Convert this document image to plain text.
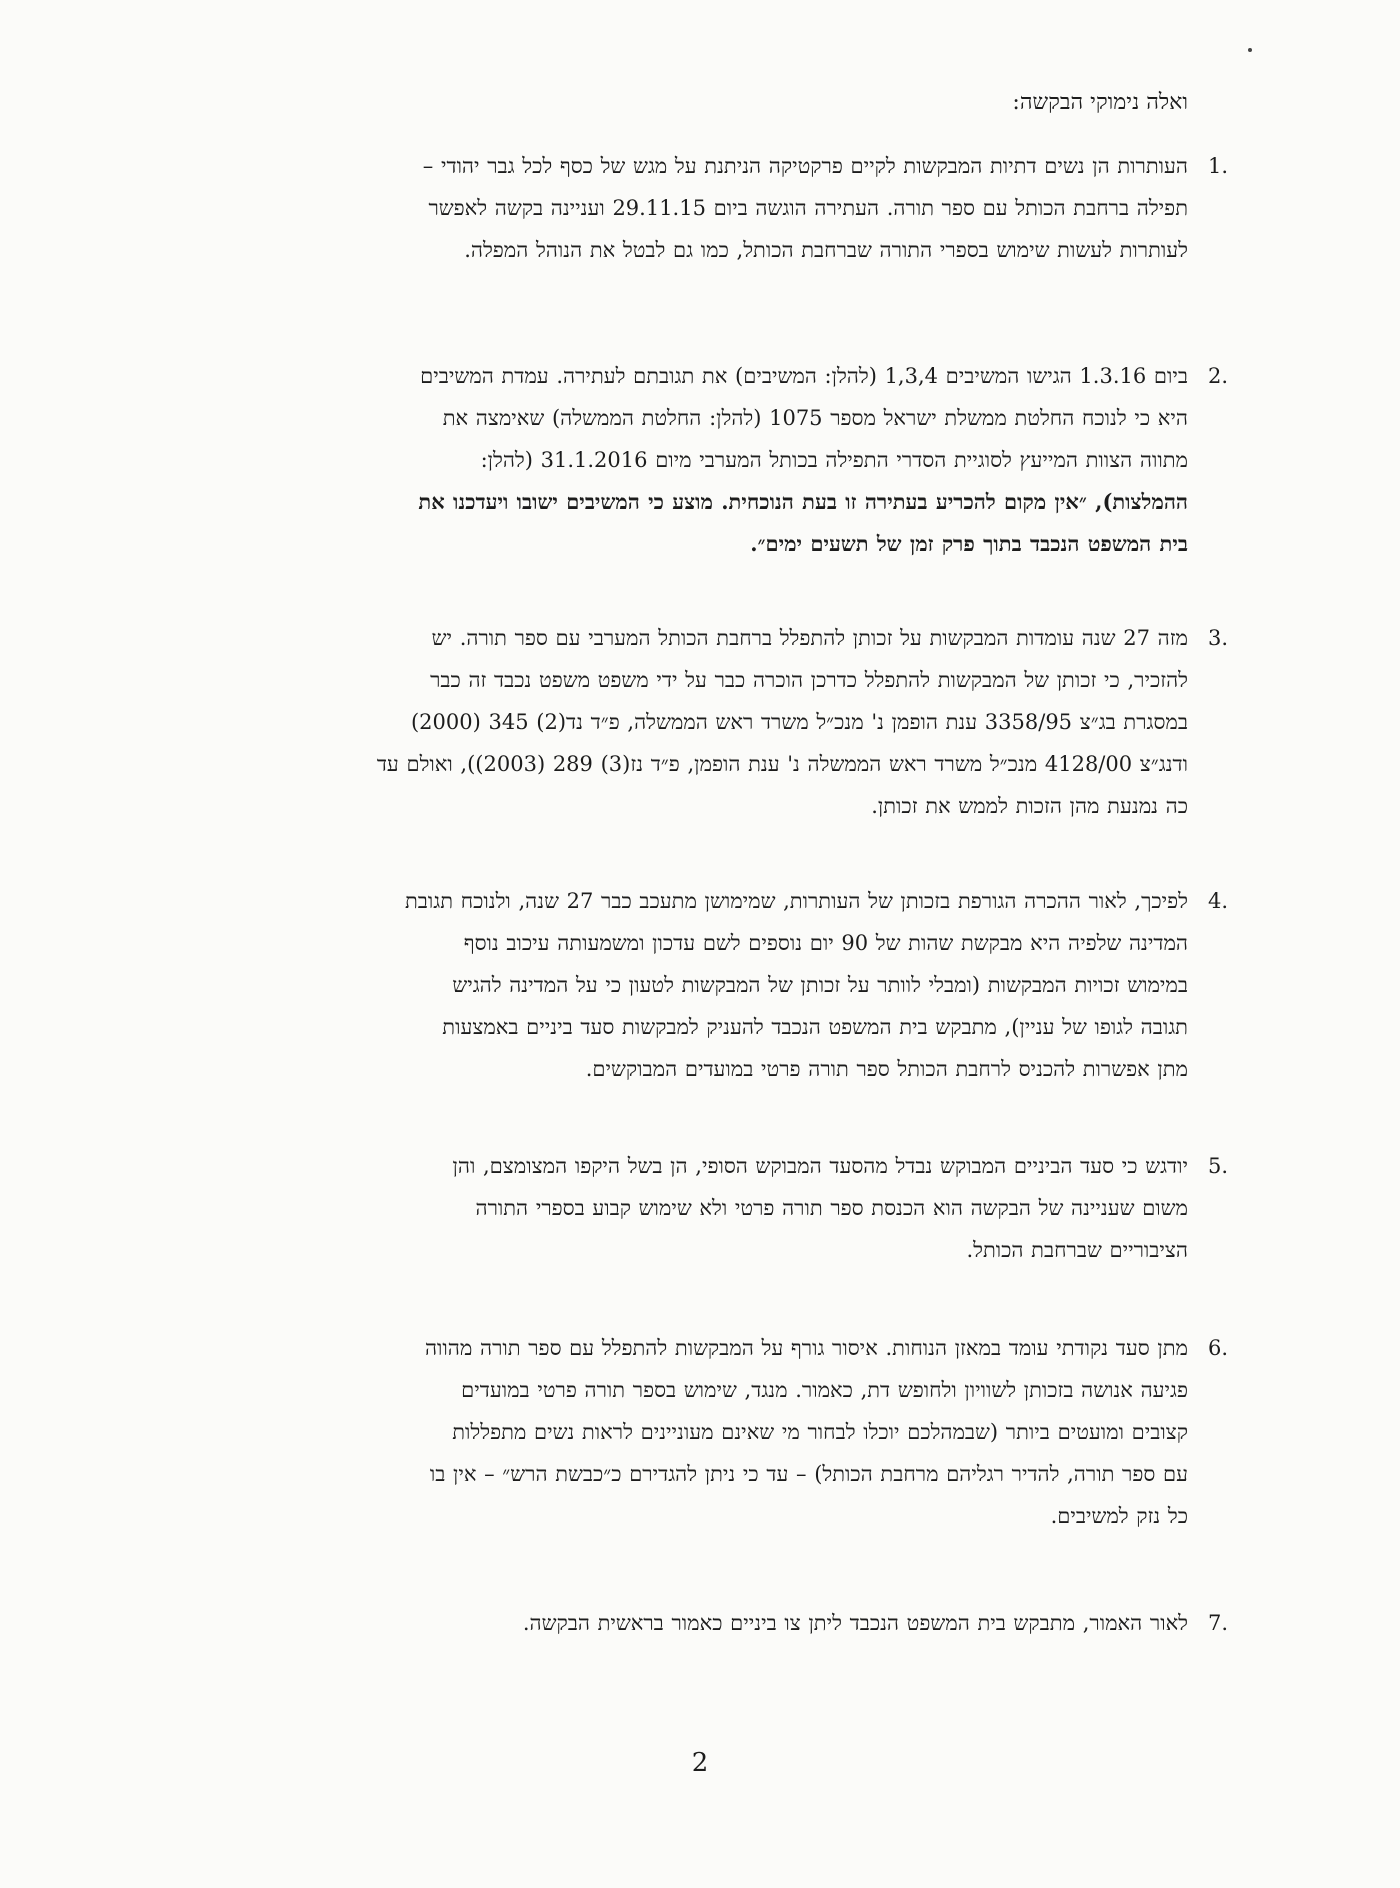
ואלה נימוקי הבקשה:
1.
העותרות הן נשים דתיות המבקשות לקיים פרקטיקה הניתנת על מגש של כסף לכל גבר יהודי –
תפילה ברחבת הכותל עם ספר תורה. העתירה הוגשה ביום 29.11.15 ועניינה בקשה לאפשר
לעותרות לעשות שימוש בספרי התורה שברחבת הכותל, כמו גם לבטל את הנוהל המפלה.
2.
ביום 1.3.16 הגישו המשיבים 1,3,4 (להלן: המשיבים) את תגובתם לעתירה. עמדת המשיבים
היא כי לנוכח החלטת ממשלת ישראל מספר 1075 (להלן: החלטת הממשלה) שאימצה את
מתווה הצוות המייעץ לסוגיית הסדרי התפילה בכותל המערבי מיום 31.1.2016 (להלן:
ההמלצות), ״אין מקום להכריע בעתירה זו בעת הנוכחית. מוצע כי המשיבים ישובו ויעדכנו את
בית המשפט הנכבד בתוך פרק זמן של תשעים ימים״.
3.
מזה 27 שנה עומדות המבקשות על זכותן להתפלל ברחבת הכותל המערבי עם ספר תורה. יש
להזכיר, כי זכותן של המבקשות להתפלל כדרכן הוכרה כבר על ידי משפט משפט נכבד זה כבר
במסגרת בג״צ 3358/95 ענת הופמן נ' מנכ״ל משרד ראש הממשלה, פ״ד נד(2) 345 (2000)
ודנג״צ 4128/00 מנכ״ל משרד ראש הממשלה נ' ענת הופמן, פ״ד נז(3) 289 (2003)), ואולם עד
כה נמנעת מהן הזכות לממש את זכותן.
4.
לפיכך, לאור ההכרה הגורפת בזכותן של העותרות, שמימושן מתעכב כבר 27 שנה, ולנוכח תגובת
המדינה שלפיה היא מבקשת שהות של 90 יום נוספים לשם עדכון ומשמעותה עיכוב נוסף
במימוש זכויות המבקשות (ומבלי לוותר על זכותן של המבקשות לטעון כי על המדינה להגיש
תגובה לגופו של עניין), מתבקש בית המשפט הנכבד להעניק למבקשות סעד ביניים באמצעות
מתן אפשרות להכניס לרחבת הכותל ספר תורה פרטי במועדים המבוקשים.
5.
יודגש כי סעד הביניים המבוקש נבדל מהסעד המבוקש הסופי, הן בשל היקפו המצומצם, והן
משום שעניינה של הבקשה הוא הכנסת ספר תורה פרטי ולא שימוש קבוע בספרי התורה
הציבוריים שברחבת הכותל.
6.
מתן סעד נקודתי עומד במאזן הנוחות. איסור גורף על המבקשות להתפלל עם ספר תורה מהווה
פגיעה אנושה בזכותן לשוויון ולחופש דת, כאמור. מנגד, שימוש בספר תורה פרטי במועדים
קצובים ומועטים ביותר (שבמהלכם יוכלו לבחור מי שאינם מעוניינים לראות נשים מתפללות
עם ספר תורה, להדיר רגליהם מרחבת הכותל) – עד כי ניתן להגדירם כ״כבשת הרש״ – אין בו
כל נזק למשיבים.
7.
לאור האמור, מתבקש בית המשפט הנכבד ליתן צו ביניים כאמור בראשית הבקשה.
2
